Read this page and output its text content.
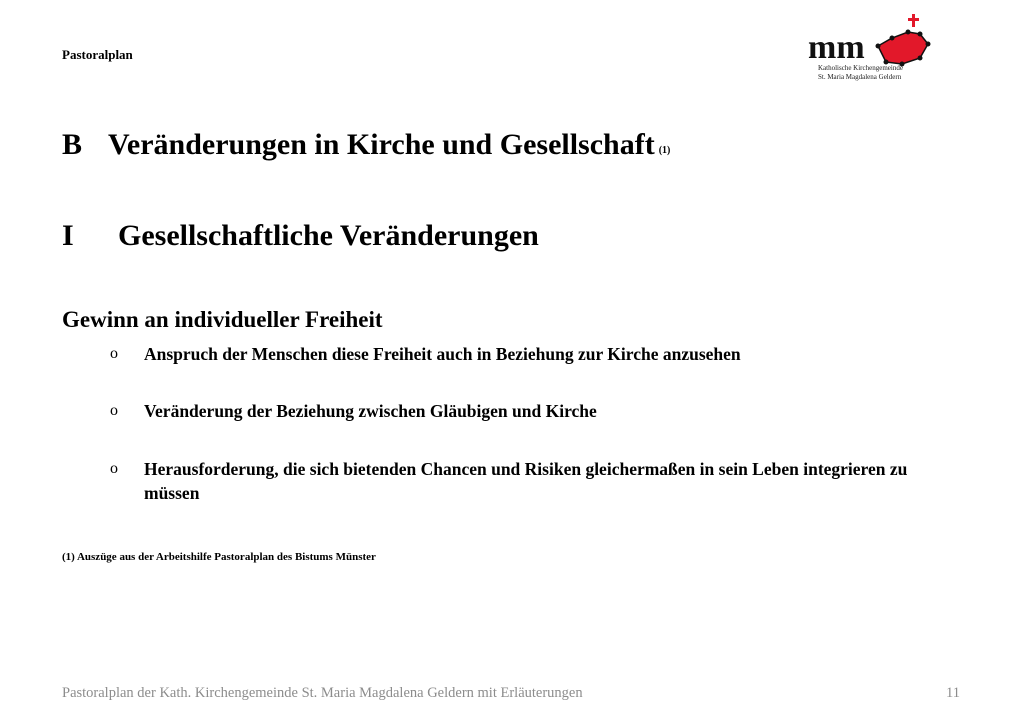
Pastoralplan	mm
Katholische Kirchengemeinde
St. Maria Magdalena Geldern
B Veränderungen in Kirche und Gesellschaft (1)
I Gesellschaftliche Veränderungen
Gewinn an individueller Freiheit
o	Anspruch der Menschen diese Freiheit auch in Beziehung zur Kirche anzusehen
o	Veränderung der Beziehung zwischen Gläubigen und Kirche
o	Herausforderung, die sich bietenden Chancen und Risiken gleichermaßen in sein Leben integrieren zu müssen
(1) Auszüge aus der Arbeitshilfe Pastoralplan des Bistums Münster
Pastoralplan der Kath. Kirchengemeinde St. Maria Magdalena Geldern mit Erläuterungen	11
